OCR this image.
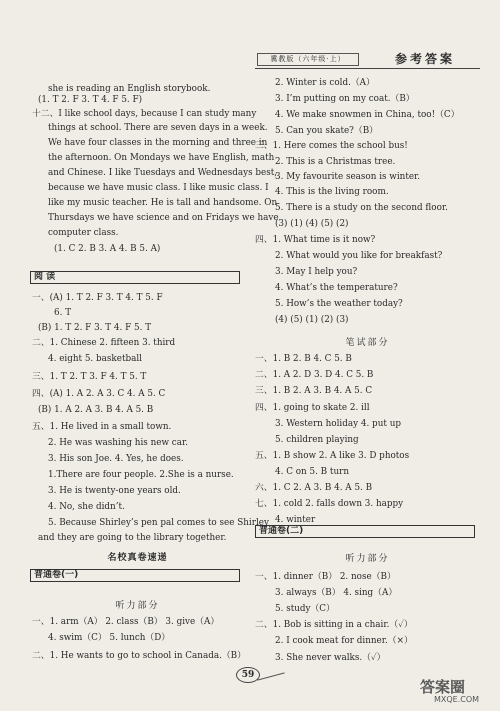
she is reading an English storybook.
(1. T 2. F 3. T 4. F 5. F)
十二、I like school days, because I can study many
things at school. There are seven days in a week.
We have four classes in the morning and three in
the afternoon. On Mondays we have English, math
and Chinese. I like Tuesdays and Wednesdays best,
because we have music class. I like music class. I
like my music teacher. He is tall and handsome. On
Thursdays we have science and on Fridays we have
computer class.
(1. C 2. B 3. A 4. B 5. A)
一、(A) 1. T 2. F 3. T 4. T 5. F
6. T
(B) 1. T 2. F 3. T 4. F 5. T
二、1. Chinese 2. fifteen 3. third
4. eight 5. basketball
三、1. T 2. T 3. F 4. T 5. T
四、(A) 1. A 2. A 3. C 4. A 5. C
(B) 1. A 2. A 3. B 4. A 5. B
五、1. He lived in a small town.
2. He was washing his new car.
3. His son Joe. 4. Yes, he does.
1.There are four people. 2.She is a nurse.
3. He is twenty-one years old.
4. No, she didn’t.
5. Because Shirley’s pen pal comes to see Shirley
and they are going to the library together.
一、1. arm（A） 2. class（B） 3. give（A）
4. swim（C） 5. lunch（D）
二、1. He wants to go to school in Canada.（B）
阅 读
名校真卷速递
普通卷(一)
听力部分
冀教版（六年级·上）	参考答案
2. Winter is cold.（A）
3. I’m putting on my coat.（B）
4. We make snowmen in China, too!（C）
5. Can you skate?（B）
三、1. Here comes the school bus!
2. This is a Christmas tree.
3. My favourite season is winter.
4. This is the living room.
5. There is a study on the second floor.
(3) (1) (4) (5) (2)
四、1. What time is it now?
2. What would you like for breakfast?
3. May I help you?
4. What’s the temperature?
5. How’s the weather today?
(4) (5) (1) (2) (3)
一、1. B 2. B 4. C 5. B
二、1. A 2. D 3. D 4. C 5. B
三、1. B 2. A 3. B 4. A 5. C
四、1. going to skate 2. ill
3. Western holiday 4. put up
5. children playing
五、1. B show 2. A like 3. D photos
4. C on 5. B turn
六、1. C 2. A 3. B 4. A 5. B
七、1. cold 2. falls down 3. happy
4. winter
一、1. dinner（B） 2. nose（B）
3. always（B） 4. sing（A）
5. study（C）
二、1. Bob is sitting in a chair.（✓）
2. I cook meat for dinner.（×）
3. She never walks.（✓）
笔试部分
普通卷(二)
听力部分
59
答案圈
MXQE.COM
